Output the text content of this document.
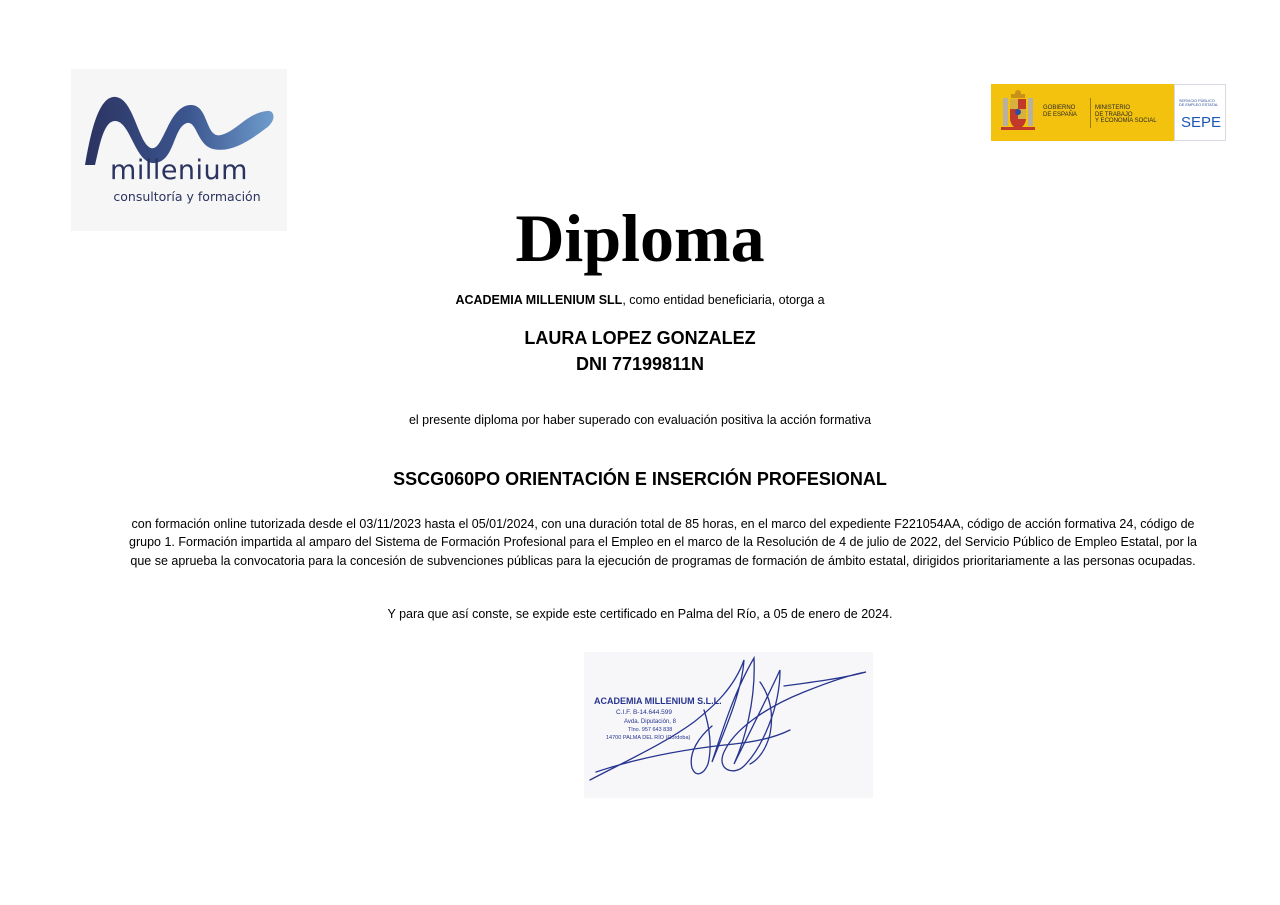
millenium
consultoría y formación
GOBIERNO
DE ESPAÑA
MINISTERIO
DE TRABAJO
Y ECONOMÍA SOCIAL
SERVICIO PÚBLICO
DE EMPLEO ESTATAL
SEPE
Diploma
ACADEMIA MILLENIUM SLL, como entidad beneficiaria, otorga a
LAURA LOPEZ GONZALEZ
DNI 77199811N
el presente diploma por haber superado con evaluación positiva la acción formativa
SSCG060PO ORIENTACIÓN E INSERCIÓN PROFESIONAL
con formación online tutorizada desde el 03/11/2023 hasta el 05/01/2024, con una duración total de 85 horas, en el marco del expediente F221054AA, código de acción formativa 24, código de grupo 1. Formación impartida al amparo del Sistema de Formación Profesional para el Empleo en el marco de la Resolución de 4 de julio de 2022, del Servicio Público de Empleo Estatal, por la que se aprueba la convocatoria para la concesión de subvenciones públicas para la ejecución de programas de formación de ámbito estatal, dirigidos prioritariamente a las personas ocupadas.
Y para que así conste, se expide este certificado en Palma del Río, a 05 de enero de 2024.
ACADEMIA MILLENIUM S.L.L.
C.I.F. B-14.644.599
Avda. Diputación, 8
Tlno. 957 643 838
14700 PALMA DEL RÍO (Córdoba)
